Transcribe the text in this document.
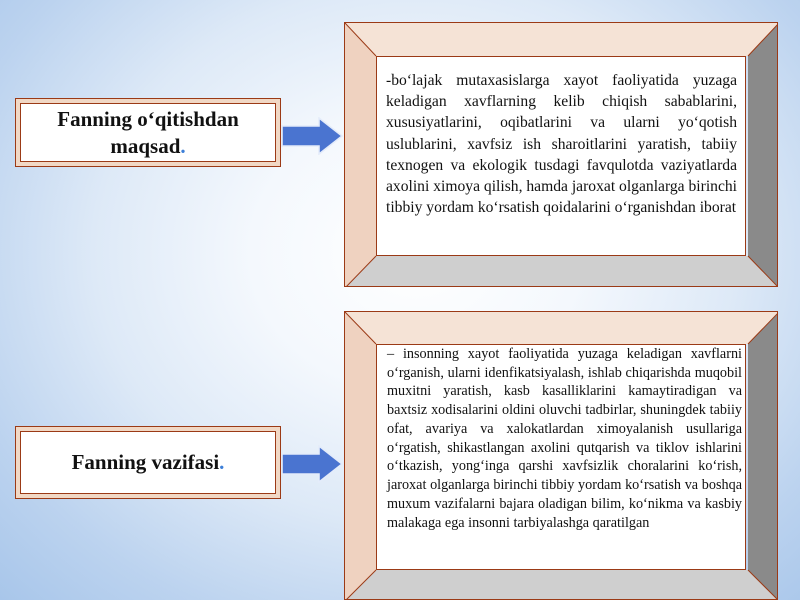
Fanning o‘qitishdan maqsad.

-bo‘lajak mutaxasislarga xayot faoliyatida yuzaga keladigan xavflarning kelib chiqish sabablarini, xususiyatlarini, oqibatlarini va ularni yo‘qotish uslublarini, xavfsiz ish sharoitlarini yaratish, tabiiy texnogen va ekologik tusdagi favqulotda vaziyatlarda axolini ximoya qilish, hamda jaroxat olganlarga birinchi tibbiy yordam ko‘rsatish qoidalarini o‘rganishdan iborat

Fanning vazifasi.

– insonning xayot faoliyatida yuzaga keladigan xavflarni o‘rganish, ularni idenfikatsiyalash, ishlab chiqarishda muqobil muxitni yaratish, kasb kasalliklarini kamaytiradigan va baxtsiz xodisalarini oldini oluvchi tadbirlar, shuningdek tabiiy ofat, avariya va xalokatlardan ximoyalanish usullariga o‘rgatish, shikastlangan axolini qutqarish va tiklov ishlarini o‘tkazish, yong‘inga qarshi xavfsizlik choralarini ko‘rish, jaroxat olganlarga birinchi tibbiy yordam ko‘rsatish va boshqa muxum vazifalarni bajara oladigan bilim, ko‘nikma va kasbiy malakaga ega insonni tarbiyalashga qaratilgan
